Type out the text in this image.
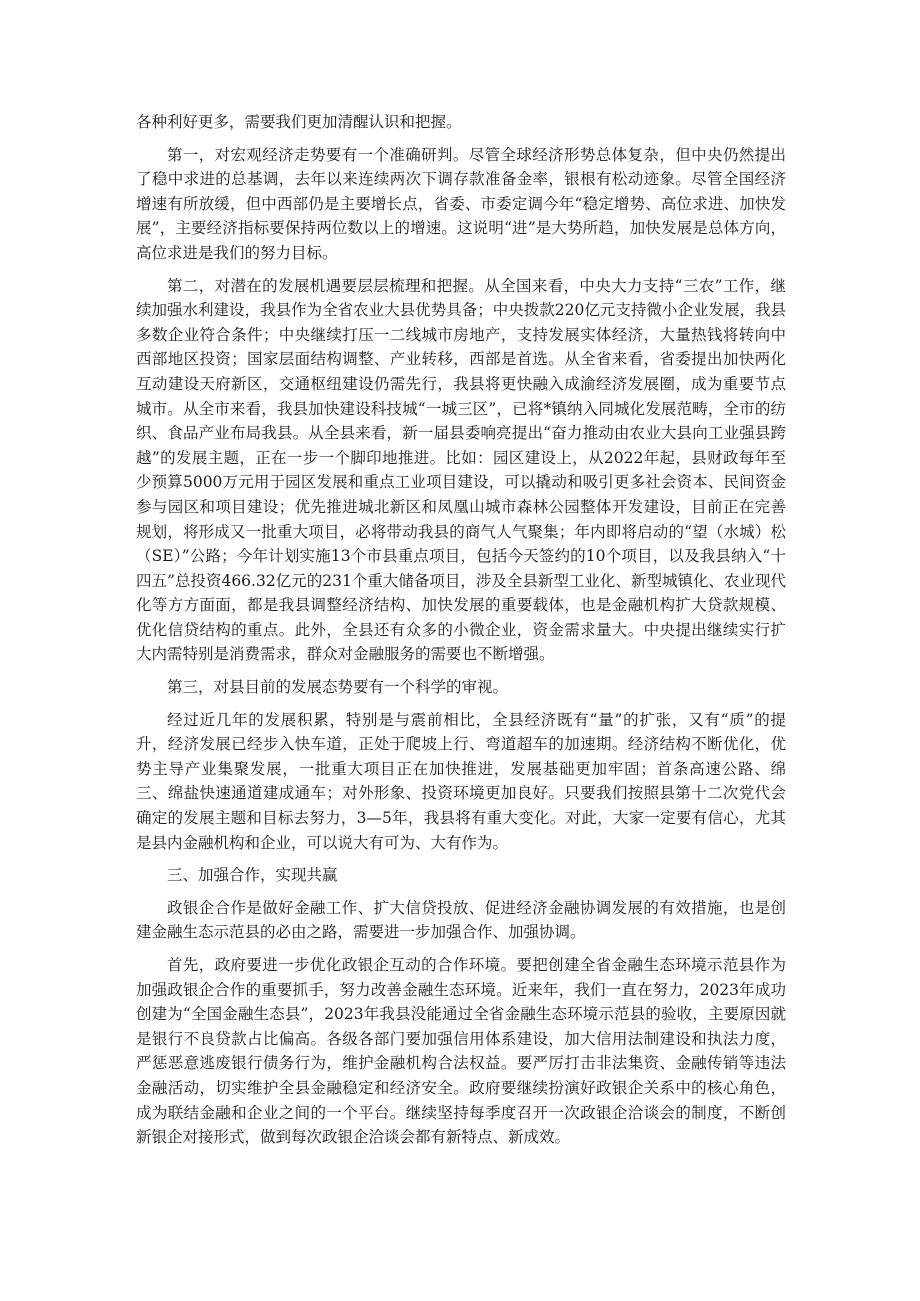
各种利好更多，需要我们更加清醒认识和把握。

第一，对宏观经济走势要有一个准确研判。尽管全球经济形势总体复杂，但中央仍然提出了稳中求进的总基调，去年以来连续两次下调存款准备金率，银根有松动迹象。尽管全国经济增速有所放缓，但中西部仍是主要增长点，省委、市委定调今年“稳定增势、高位求进、加快发展”，主要经济指标要保持两位数以上的增速。这说明“进”是大势所趋，加快发展是总体方向，高位求进是我们的努力目标。

第二，对潜在的发展机遇要层层梳理和把握。从全国来看，中央大力支持“三农”工作，继续加强水利建设，我县作为全省农业大县优势具备；中央拨款220亿元支持微小企业发展，我县多数企业符合条件；中央继续打压一二线城市房地产，支持发展实体经济，大量热钱将转向中西部地区投资；国家层面结构调整、产业转移，西部是首选。从全省来看，省委提出加快两化互动建设天府新区，交通枢纽建设仍需先行，我县将更快融入成渝经济发展圈，成为重要节点城市。从全市来看，我县加快建设科技城“一城三区”，已将*镇纳入同城化发展范畴，全市的纺织、食品产业布局我县。从全县来看，新一届县委响亮提出“奋力推动由农业大县向工业强县跨越”的发展主题，正在一步一个脚印地推进。比如：园区建设上，从2022年起，县财政每年至少预算5000万元用于园区发展和重点工业项目建设，可以撬动和吸引更多社会资本、民间资金参与园区和项目建设；优先推进城北新区和凤凰山城市森林公园整体开发建设，目前正在完善规划，将形成又一批重大项目，必将带动我县的商气人气聚集；年内即将启动的“望（水城）松（SE）”公路；今年计划实施13个市县重点项目，包括今天签约的10个项目，以及我县纳入“十四五”总投资466.32亿元的231个重大储备项目，涉及全县新型工业化、新型城镇化、农业现代化等方方面面，都是我县调整经济结构、加快发展的重要载体，也是金融机构扩大贷款规模、优化信贷结构的重点。此外，全县还有众多的小微企业，资金需求量大。中央提出继续实行扩大内需特别是消费需求，群众对金融服务的需要也不断增强。

第三，对县目前的发展态势要有一个科学的审视。

经过近几年的发展积累，特别是与震前相比，全县经济既有“量”的扩张，又有“质”的提升，经济发展已经步入快车道，正处于爬坡上行、弯道超车的加速期。经济结构不断优化，优势主导产业集聚发展，一批重大项目正在加快推进，发展基础更加牢固；首条高速公路、绵三、绵盐快速通道建成通车；对外形象、投资环境更加良好。只要我们按照县第十二次党代会确定的发展主题和目标去努力，3—5年，我县将有重大变化。对此，大家一定要有信心，尤其是县内金融机构和企业，可以说大有可为、大有作为。

三、加强合作，实现共赢

政银企合作是做好金融工作、扩大信贷投放、促进经济金融协调发展的有效措施，也是创建金融生态示范县的必由之路，需要进一步加强合作、加强协调。

首先，政府要进一步优化政银企互动的合作环境。要把创建全省金融生态环境示范县作为加强政银企合作的重要抓手，努力改善金融生态环境。近来年，我们一直在努力，2023年成功创建为“全国金融生态县”，2023年我县没能通过全省金融生态环境示范县的验收，主要原因就是银行不良贷款占比偏高。各级各部门要加强信用体系建设，加大信用法制建设和执法力度，严惩恶意逃废银行债务行为，维护金融机构合法权益。要严厉打击非法集资、金融传销等违法金融活动，切实维护全县金融稳定和经济安全。政府要继续扮演好政银企关系中的核心角色，成为联结金融和企业之间的一个平台。继续坚持每季度召开一次政银企洽谈会的制度，不断创新银企对接形式，做到每次政银企洽谈会都有新特点、新成效。
